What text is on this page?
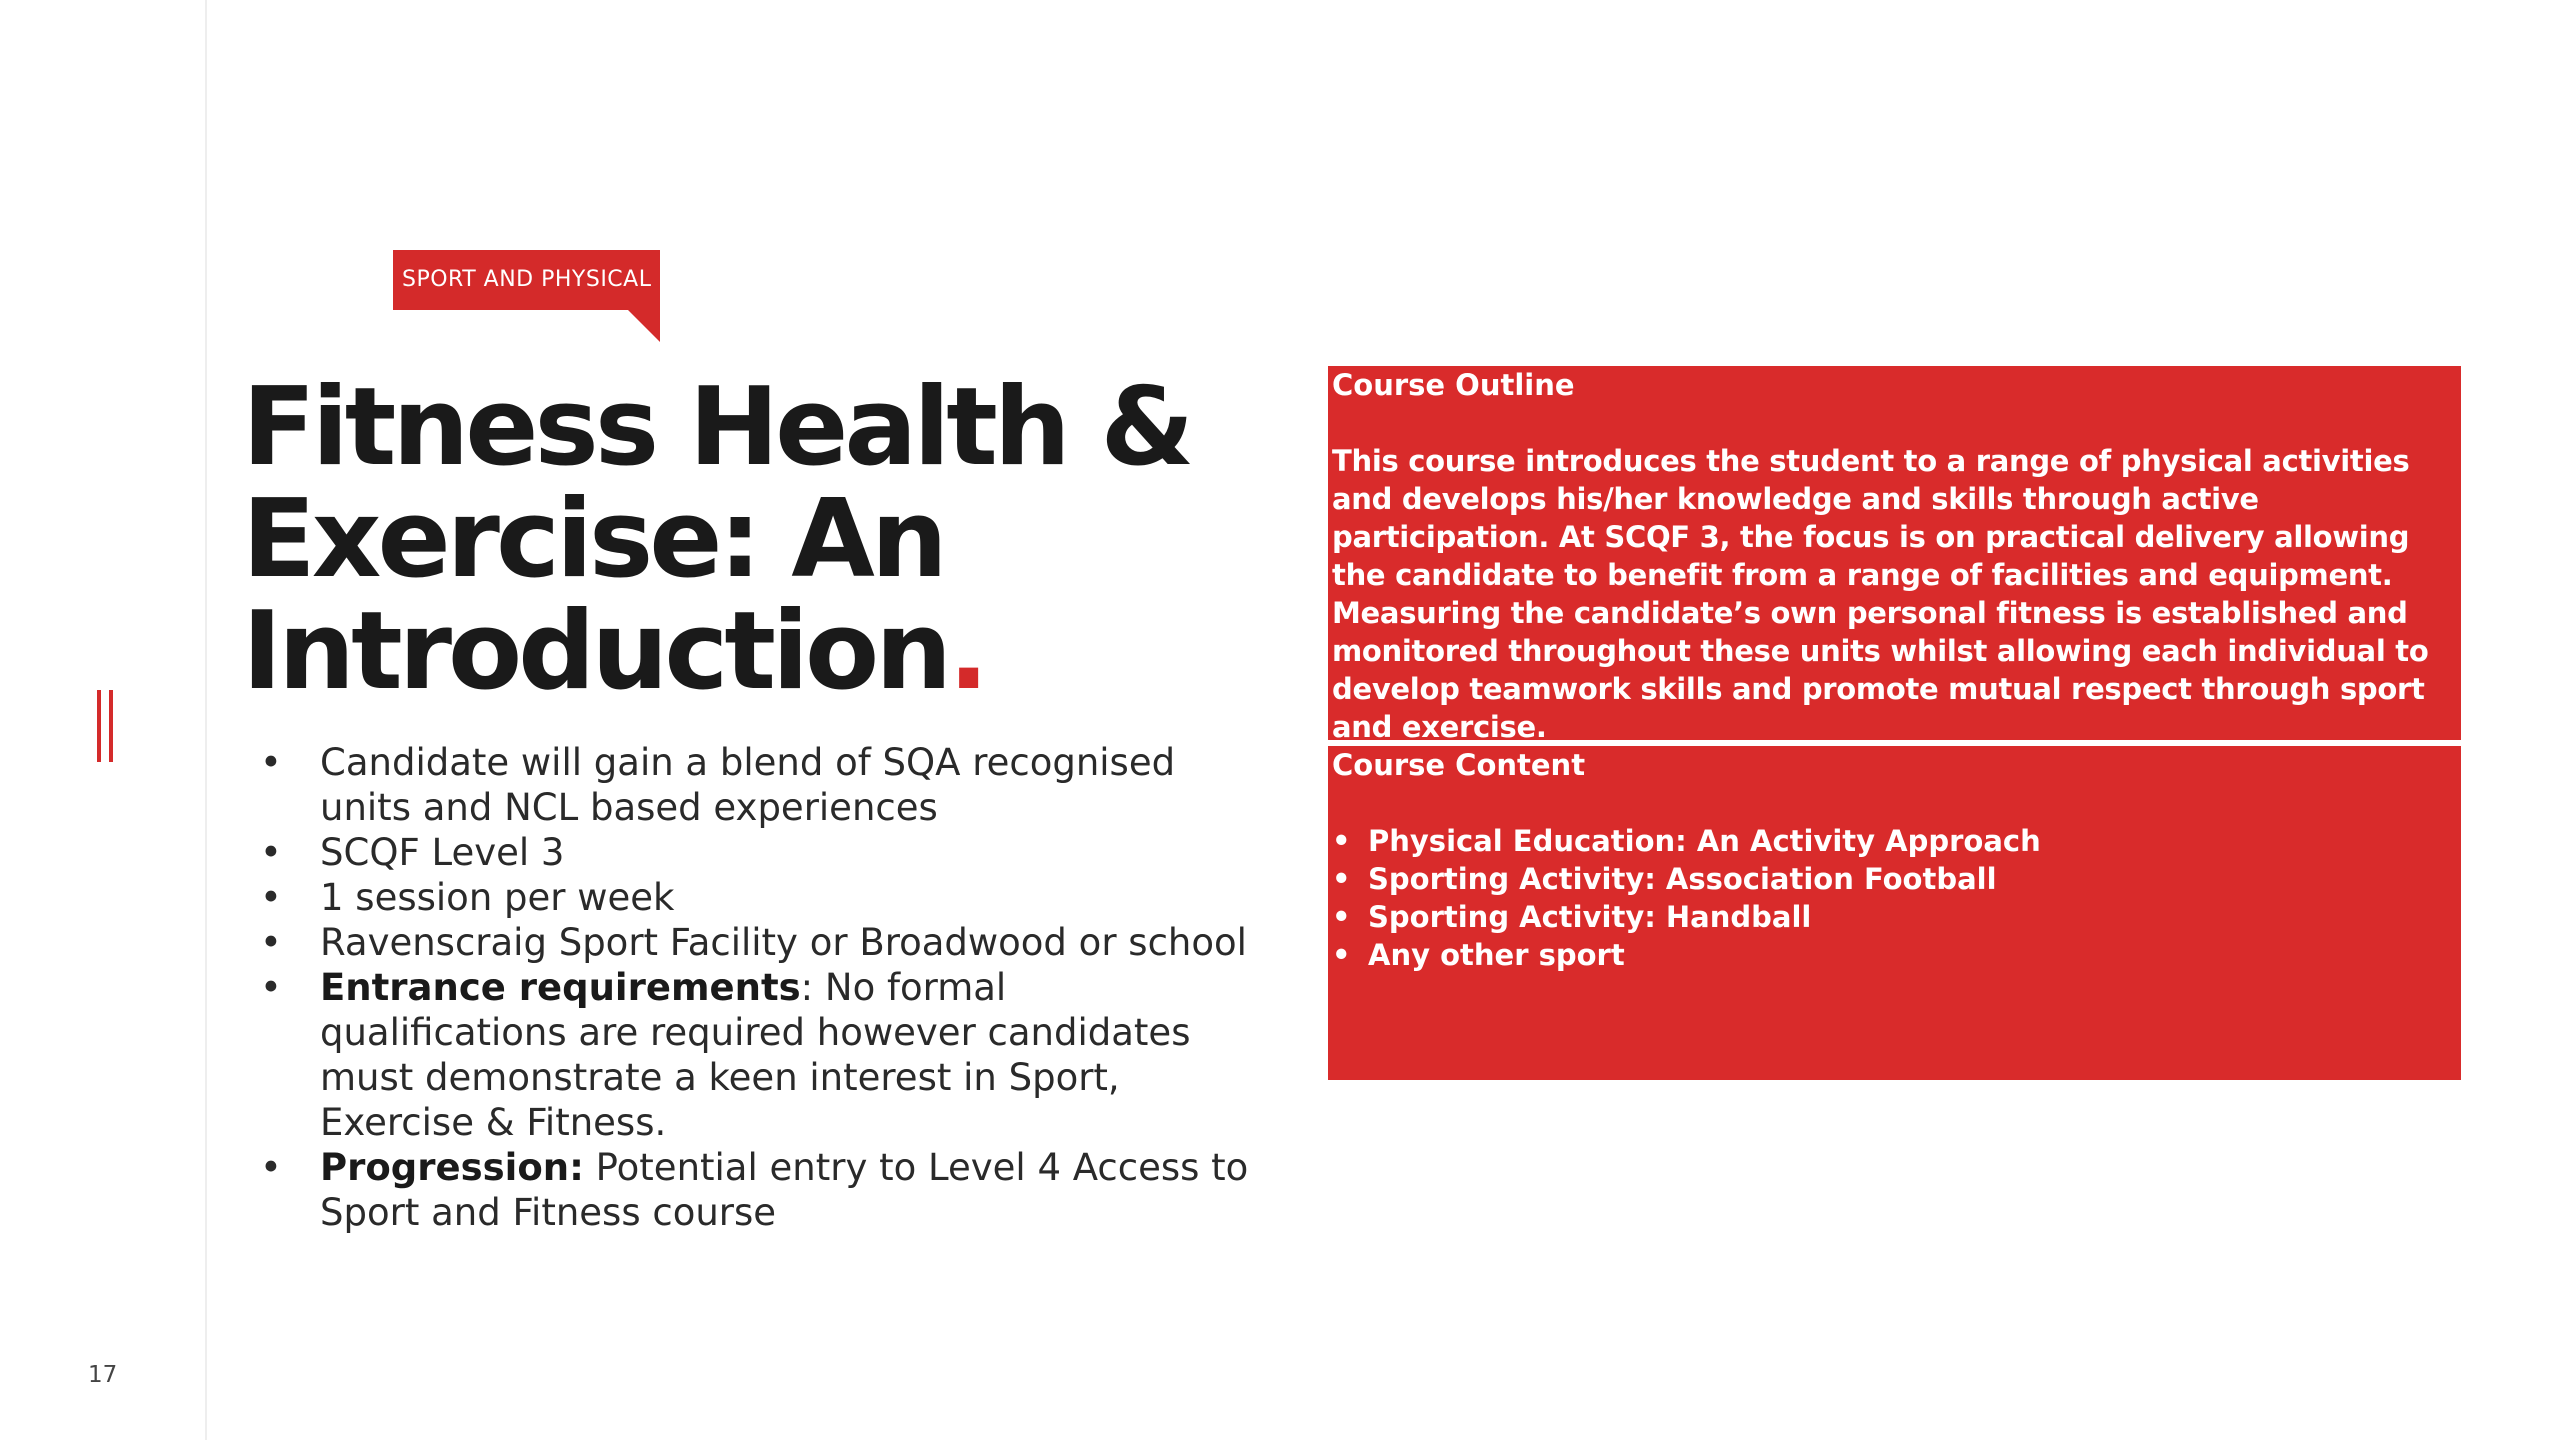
17
SPORT AND PHYSICAL
Fitness Health & Exercise: An Introduction.
• Candidate will gain a blend of SQA recognised units and NCL based experiences
• SCQF Level 3
• 1 session per week
• Ravenscraig Sport Facility or Broadwood or school
• Entrance requirements: No formal qualifications are required however candidates must demonstrate a keen interest in Sport, Exercise & Fitness.
• Progression: Potential entry to Level 4 Access to Sport and Fitness course
Course Outline

This course introduces the student to a range of physical activities and develops his/her knowledge and skills through active participation. At SCQF 3, the focus is on practical delivery allowing the candidate to benefit from a range of facilities and equipment. Measuring the candidate’s own personal fitness is established and monitored throughout these units whilst allowing each individual to develop teamwork skills and promote mutual respect through sport and exercise.

Course Content
• Physical Education: An Activity Approach
• Sporting Activity: Association Football
• Sporting Activity: Handball
• Any other sport
